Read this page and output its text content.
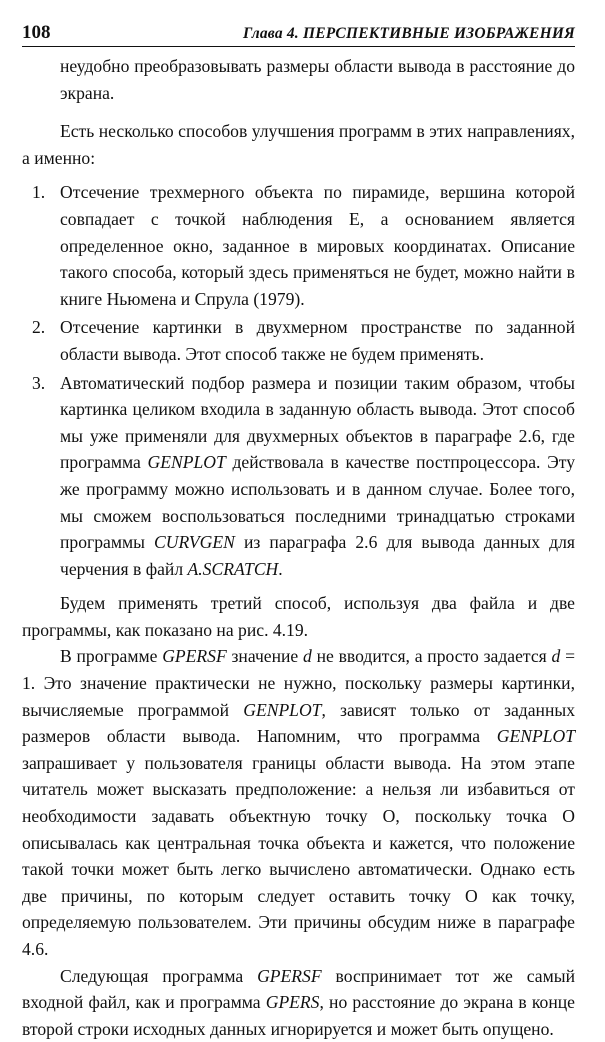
108	Глава 4. ПЕРСПЕКТИВНЫЕ ИЗОБРАЖЕНИЯ

неудобно преобразовывать размеры области вывода в расстояние до экрана.

Есть несколько способов улучшения программ в этих направлениях, а именно:

1. Отсечение трехмерного объекта по пирамиде, вершина которой совпадает с точкой наблюдения E, а основанием является определенное окно, заданное в мировых координатах. Описание такого способа, который здесь применяться не будет, можно найти в книге Ньюмена и Спрула (1979).
2. Отсечение картинки в двухмерном пространстве по заданной области вывода. Этот способ также не будем применять.
3. Автоматический подбор размера и позиции таким образом, чтобы картинка целиком входила в заданную область вывода. Этот способ мы уже применяли для двухмерных объектов в параграфе 2.6, где программа GENPLOT действовала в качестве постпроцессора. Эту же программу можно использовать и в данном случае. Более того, мы сможем воспользоваться последними тринадцатью строками программы CURVGEN из параграфа 2.6 для вывода данных для черчения в файл A.SCRATCH.

Будем применять третий способ, используя два файла и две программы, как показано на рис. 4.19.

В программе GPERSF значение d не вводится, а просто задается d = 1. Это значение практически не нужно, поскольку размеры картинки, вычисляемые программой GENPLOT, зависят только от заданных размеров области вывода. Напомним, что программа GENPLOT запрашивает у пользователя границы области вывода. На этом этапе читатель может высказать предположение: а нельзя ли избавиться от необходимости задавать объектную точку O, поскольку точка O описывалась как центральная точка объекта и кажется, что положение такой точки может быть легко вычислено автоматически. Однако есть две причины, по которым следует оставить точку O как точку, определяемую пользователем. Эти причины обсудим ниже в параграфе 4.6.

Следующая программа GPERSF воспринимает тот же самый входной файл, как и программа GPERS, но расстояние до экрана в конце второй строки исходных данных игнорируется и может быть опущено.
